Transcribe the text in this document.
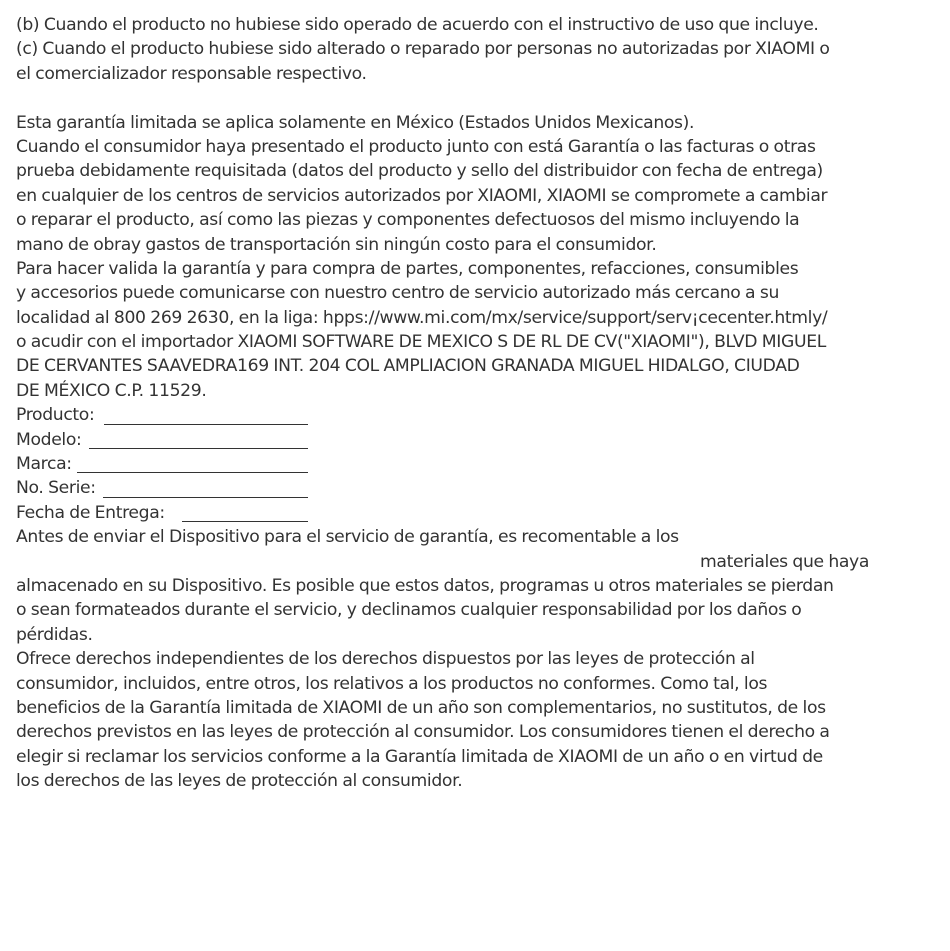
(b) Cuando el producto no hubiese sido operado de acuerdo con el instructivo de uso que incluye.
(c) Cuando el producto hubiese sido alterado o reparado por personas no autorizadas por XIAOMI o
el comercializador responsable respectivo.
Esta garantía limitada se aplica solamente en México (Estados Unidos Mexicanos).
Cuando el consumidor haya presentado el producto junto con está Garantía o las facturas o otras
prueba debidamente requisitada (datos del producto y sello del distribuidor con fecha de entrega)
en cualquier de los centros de servicios autorizados por XIAOMI, XIAOMI se compromete a cambiar
o reparar el producto, así como las piezas y componentes defectuosos del mismo incluyendo la
mano de obray gastos de transportación sin ningún costo para el consumidor.
Para hacer valida la garantía y para compra de partes, componentes, refacciones, consumibles
y accesorios puede comunicarse con nuestro centro de servicio autorizado más cercano a su
localidad al 800 269 2630, en la liga: hpps://www.mi.com/mx/service/support/serv¡cecenter.htmly/
o acudir con el importador XIAOMI SOFTWARE DE MEXICO S DE RL DE CV("XIAOMI"), BLVD MIGUEL
DE CERVANTES SAAVEDRA169 INT. 204 COL AMPLIACION GRANADA MIGUEL HIDALGO, CIUDAD
DE MÉXICO C.P. 11529.
Producto:
Modelo:
Marca:
No. Serie:
Fecha de Entrega:
Antes de enviar el Dispositivo para el servicio de garantía, es recomentable a los
materiales que haya
almacenado en su Dispositivo. Es posible que estos datos, programas u otros materiales se pierdan
o sean formateados durante el servicio, y declinamos cualquier responsabilidad por los daños o
pérdidas.
Ofrece derechos independientes de los derechos dispuestos por las leyes de protección al
consumidor, incluidos, entre otros, los relativos a los productos no conformes. Como tal, los
beneficios de la Garantía limitada de XIAOMI de un año son complementarios, no sustitutos, de los
derechos previstos en las leyes de protección al consumidor. Los consumidores tienen el derecho a
elegir si reclamar los servicios conforme a la Garantía limitada de XIAOMI de un año o en virtud de
los derechos de las leyes de protección al consumidor.
